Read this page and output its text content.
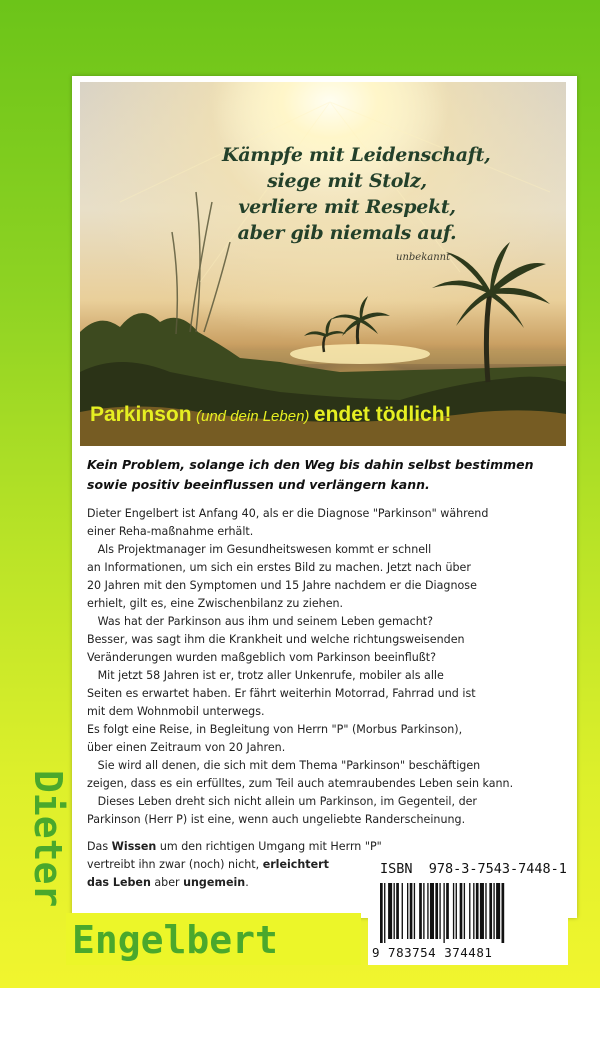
Kämpfe mit Leidenschaft,
siege mit Stolz,
verliere mit Respekt,
aber gib niemals auf.
unbekannt
Parkinson (und dein Leben) endet tödlich!
Kein Problem, solange ich den Weg bis dahin selbst bestimmen
sowie positiv beeinflussen und verlängern kann.
Dieter Engelbert ist Anfang 40, als er die Diagnose "Parkinson" während
einer Reha-maßnahme erhält.
Als Projektmanager im Gesundheitswesen kommt er schnell
an Informationen, um sich ein erstes Bild zu machen. Jetzt nach über
20 Jahren mit den Symptomen und 15 Jahre nachdem er die Diagnose
erhielt, gilt es, eine Zwischenbilanz zu ziehen.
Was hat der Parkinson aus ihm und seinem Leben gemacht?
Besser, was sagt ihm die Krankheit und welche richtungsweisenden
Veränderungen wurden maßgeblich vom Parkinson beeinflußt?
Mit jetzt 58 Jahren ist er, trotz aller Unkenrufe, mobiler als alle
Seiten es erwartet haben. Er fährt weiterhin Motorrad, Fahrrad und ist
mit dem Wohnmobil unterwegs.
Es folgt eine Reise, in Begleitung von Herrn "P" (Morbus Parkinson),
über einen Zeitraum von 20 Jahren.
Sie wird all denen, die sich mit dem Thema "Parkinson" beschäftigen
zeigen, dass es ein erfülltes, zum Teil auch atemraubendes Leben sein kann.
Dieses Leben dreht sich nicht allein um Parkinson, im Gegenteil, der
Parkinson (Herr P) ist eine, wenn auch ungeliebte Randerscheinung.
Das Wissen um den richtigen Umgang mit Herrn "P"
vertreibt ihn zwar (noch) nicht, erleichtert
das Leben aber ungemein.
ISBN  978-3-7543-7448-1
9 783754 374481
Dieter
Engelbert
